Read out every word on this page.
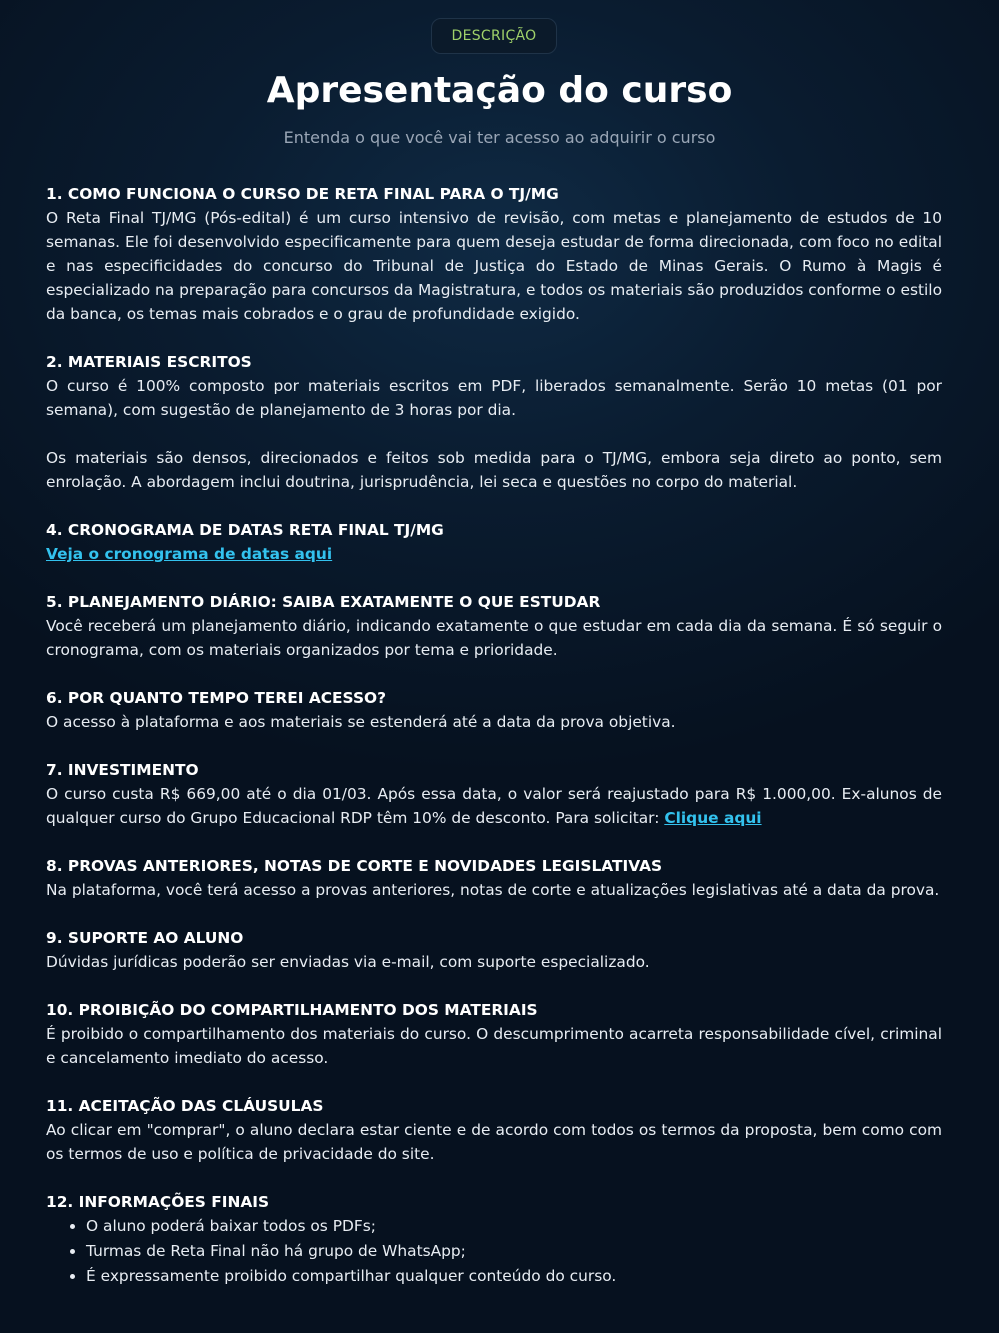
DESCRIÇÃO
Apresentação do curso

Entenda o que você vai ter acesso ao adquirir o curso

1. COMO FUNCIONA O CURSO DE RETA FINAL PARA O TJ/MG

O Reta Final TJ/MG (Pós-edital) é um curso intensivo de revisão, com metas e planejamento de estudos de 10 semanas. Ele foi desenvolvido especificamente para quem deseja estudar de forma direcionada, com foco no edital e nas especificidades do concurso do Tribunal de Justiça do Estado de Minas Gerais. O Rumo à Magis é especializado na preparação para concursos da Magistratura, e todos os materiais são produzidos conforme o estilo da banca, os temas mais cobrados e o grau de profundidade exigido.

2. MATERIAIS ESCRITOS

O curso é 100% composto por materiais escritos em PDF, liberados semanalmente. Serão 10 metas (01 por semana), com sugestão de planejamento de 3 horas por dia.

Os materiais são densos, direcionados e feitos sob medida para o TJ/MG, embora seja direto ao ponto, sem enrolação. A abordagem inclui doutrina, jurisprudência, lei seca e questões no corpo do material.

4. CRONOGRAMA DE DATAS RETA FINAL TJ/MG

Veja o cronograma de datas aqui

5. PLANEJAMENTO DIÁRIO: SAIBA EXATAMENTE O QUE ESTUDAR

Você receberá um planejamento diário, indicando exatamente o que estudar em cada dia da semana. É só seguir o cronograma, com os materiais organizados por tema e prioridade.

6. POR QUANTO TEMPO TEREI ACESSO?

O acesso à plataforma e aos materiais se estenderá até a data da prova objetiva.

7. INVESTIMENTO

O curso custa R$ 669,00 até o dia 01/03. Após essa data, o valor será reajustado para R$ 1.000,00. Ex-alunos de qualquer curso do Grupo Educacional RDP têm 10% de desconto. Para solicitar: Clique aqui

8. PROVAS ANTERIORES, NOTAS DE CORTE E NOVIDADES LEGISLATIVAS

Na plataforma, você terá acesso a provas anteriores, notas de corte e atualizações legislativas até a data da prova.

9. SUPORTE AO ALUNO

Dúvidas jurídicas poderão ser enviadas via e-mail, com suporte especializado.

10. PROIBIÇÃO DO COMPARTILHAMENTO DOS MATERIAIS

É proibido o compartilhamento dos materiais do curso. O descumprimento acarreta responsabilidade cível, criminal e cancelamento imediato do acesso.

11. ACEITAÇÃO DAS CLÁUSULAS

Ao clicar em "comprar", o aluno declara estar ciente e de acordo com todos os termos da proposta, bem como com os termos de uso e política de privacidade do site.

12. INFORMAÇÕES FINAIS

• O aluno poderá baixar todos os PDFs;
• Turmas de Reta Final não há grupo de WhatsApp;
• É expressamente proibido compartilhar qualquer conteúdo do curso.
